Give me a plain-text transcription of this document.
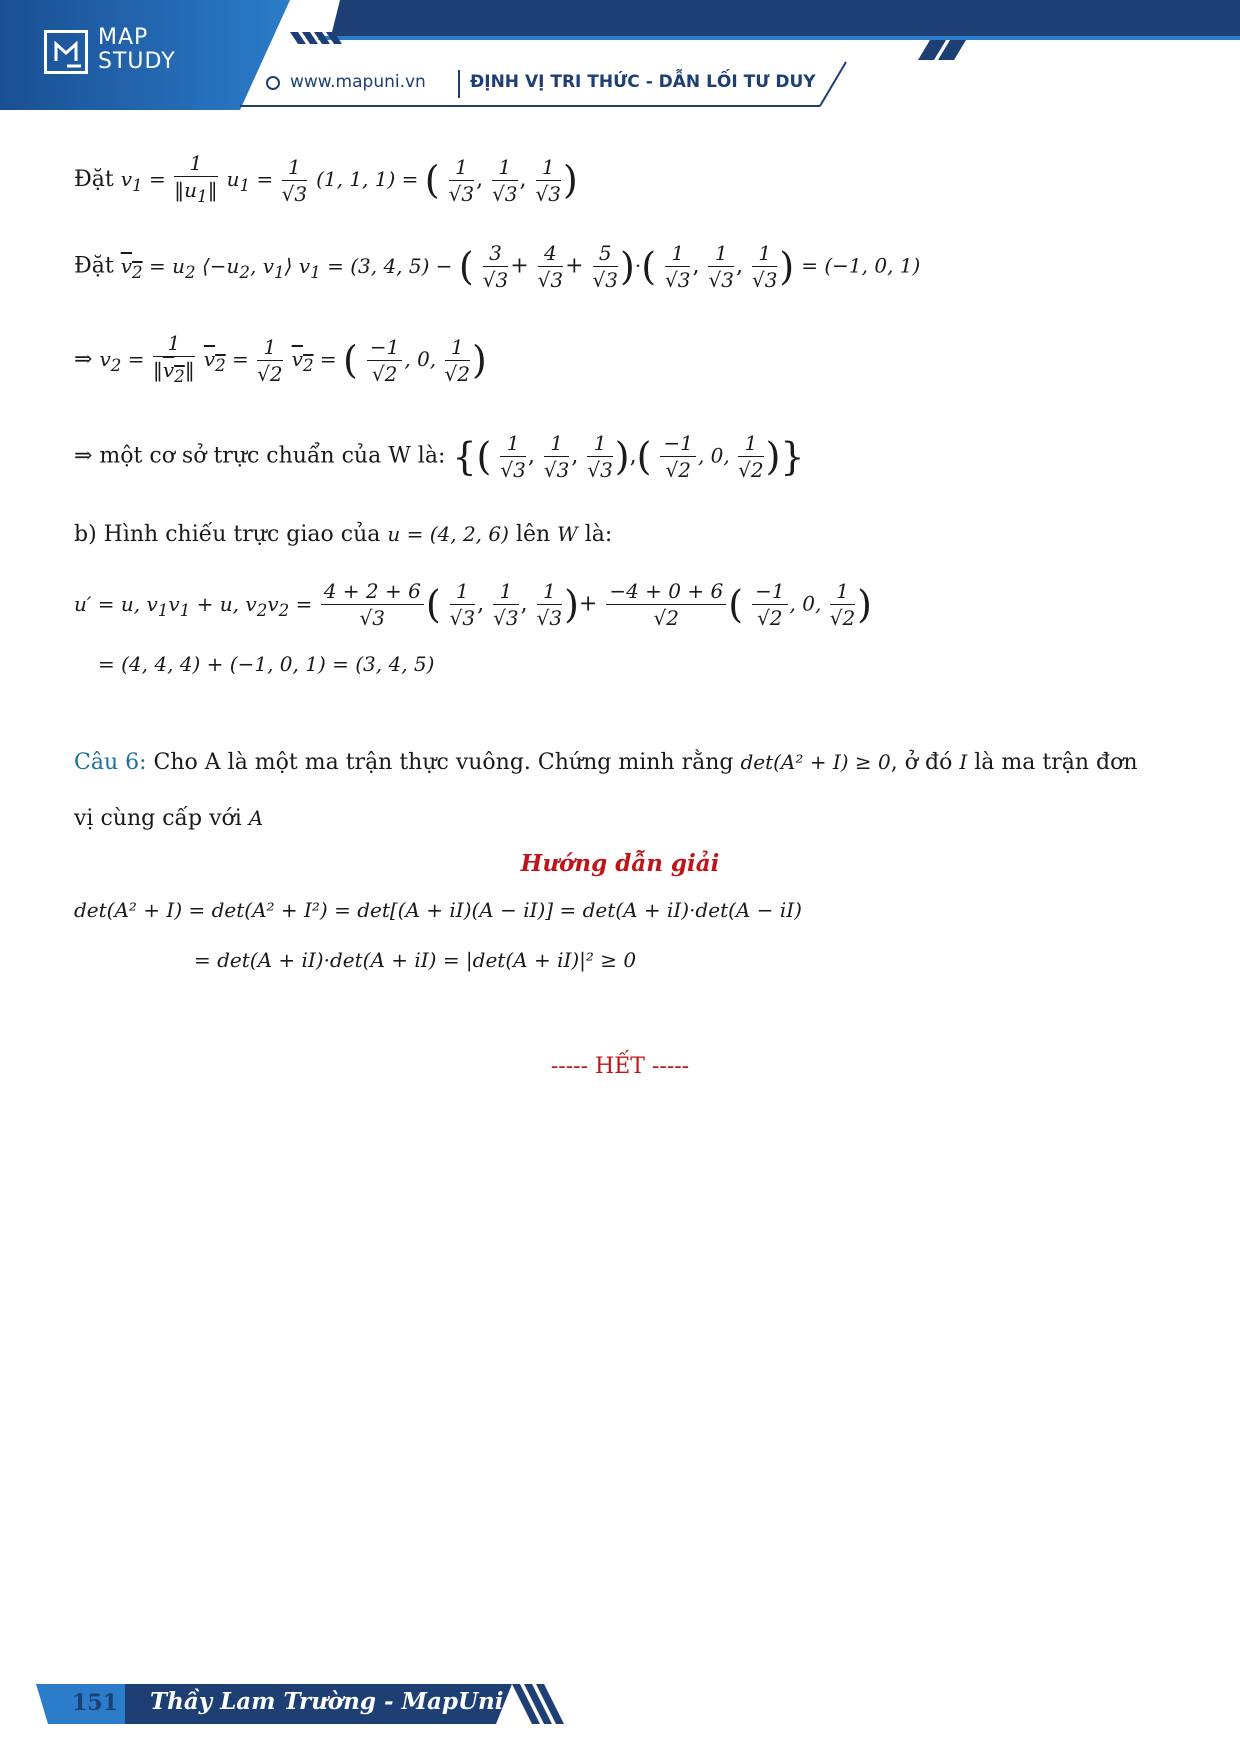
MAP
STUDY
www.mapuni.vn	ĐỊNH VỊ TRI THỨC - DẪN LỐI TƯ DUY
Đặt $v_1 = \frac{1}{‖u_1‖} u_1 = \frac{1}{√3} (1$, 1, 1) = ( $\frac{1}{√3}$ , $\frac{1}{√3}$ , $\frac{1}{√3}$ )
Đặt $v_2 = u_2$ $⟨-u_2$, $v_1⟩$ $v_1 = (3$, 4, 5) − ( $\frac{3}{√3} + \frac{4}{√3} + \frac{5}{√3}$ )·( $\frac{1}{√3}$ , $\frac{1}{√3}$ , $\frac{1}{√3}$ ) = (−1, 0, 1)
⇒ $v_2 = \frac{1}{‖v_2‖} v_2 = \frac{1}{√2} v_2$ = ( $\frac{-1}{√2}$ , 0, $\frac{1}{√2}$ )
⇒ một cơ sở trực chuẩn của W là: {( $\frac{1}{√3}$ , $\frac{1}{√3}$ , $\frac{1}{√3}$ ),( $\frac{-1}{√2}$ , 0, $\frac{1}{√2}$ )}
b) Hình chiếu trực giao của u = (4, 2, 6) lên W là:
u′ = u, $v_1v_1 + u$, $v_2v_2 = \frac{4 + 2 + 6}{√3}$ ( $\frac{1}{√3}$ , $\frac{1}{√3}$ , $\frac{1}{√3}$ )+ $\frac{-4 + 0 + 6}{√2}$ ( $\frac{-1}{√2}$ , 0, $\frac{1}{√2}$ )
= (4, 4, 4) + (−1, 0, 1) = (3, 4, 5)
Câu 6: Cho A là một ma trận thực vuông. Chứng minh rằng det(A² + I) ≥ 0, ở đó I là ma trận đơn
vị cùng cấp với A
Hướng dẫn giải
det(A² + I) = det(A² + I²) = det[(A + iI)(A − iI)] = det(A + iI)·det(A − iI)
= det(A + iI)·det(A + iI) = |det(A + iI)|² ≥ 0
----- HẾT -----
151 Thầy Lam Trường - MapUni
